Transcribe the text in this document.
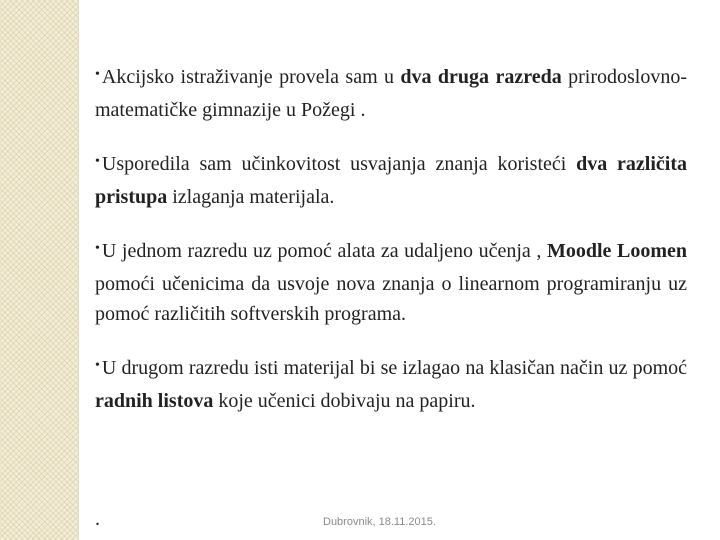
• Akcijsko istraživanje provela sam u dva druga razreda prirodoslovno-matematičke gimnazije u Požegi .

• Usporedila sam učinkovitost usvajanja znanja koristeći dva različita pristupa izlaganja materijala.

• U jednom razredu uz pomoć alata za udaljeno učenja , Moodle Loomen pomoći učenicima da usvoje nova znanja o linearnom programiranju uz pomoć različitih softverskih programa.

• U drugom razredu isti materijal bi se izlagao na klasičan način uz pomoć radnih listova koje učenici dobivaju na papiru.

.	Dubrovnik, 18.11.2015.
